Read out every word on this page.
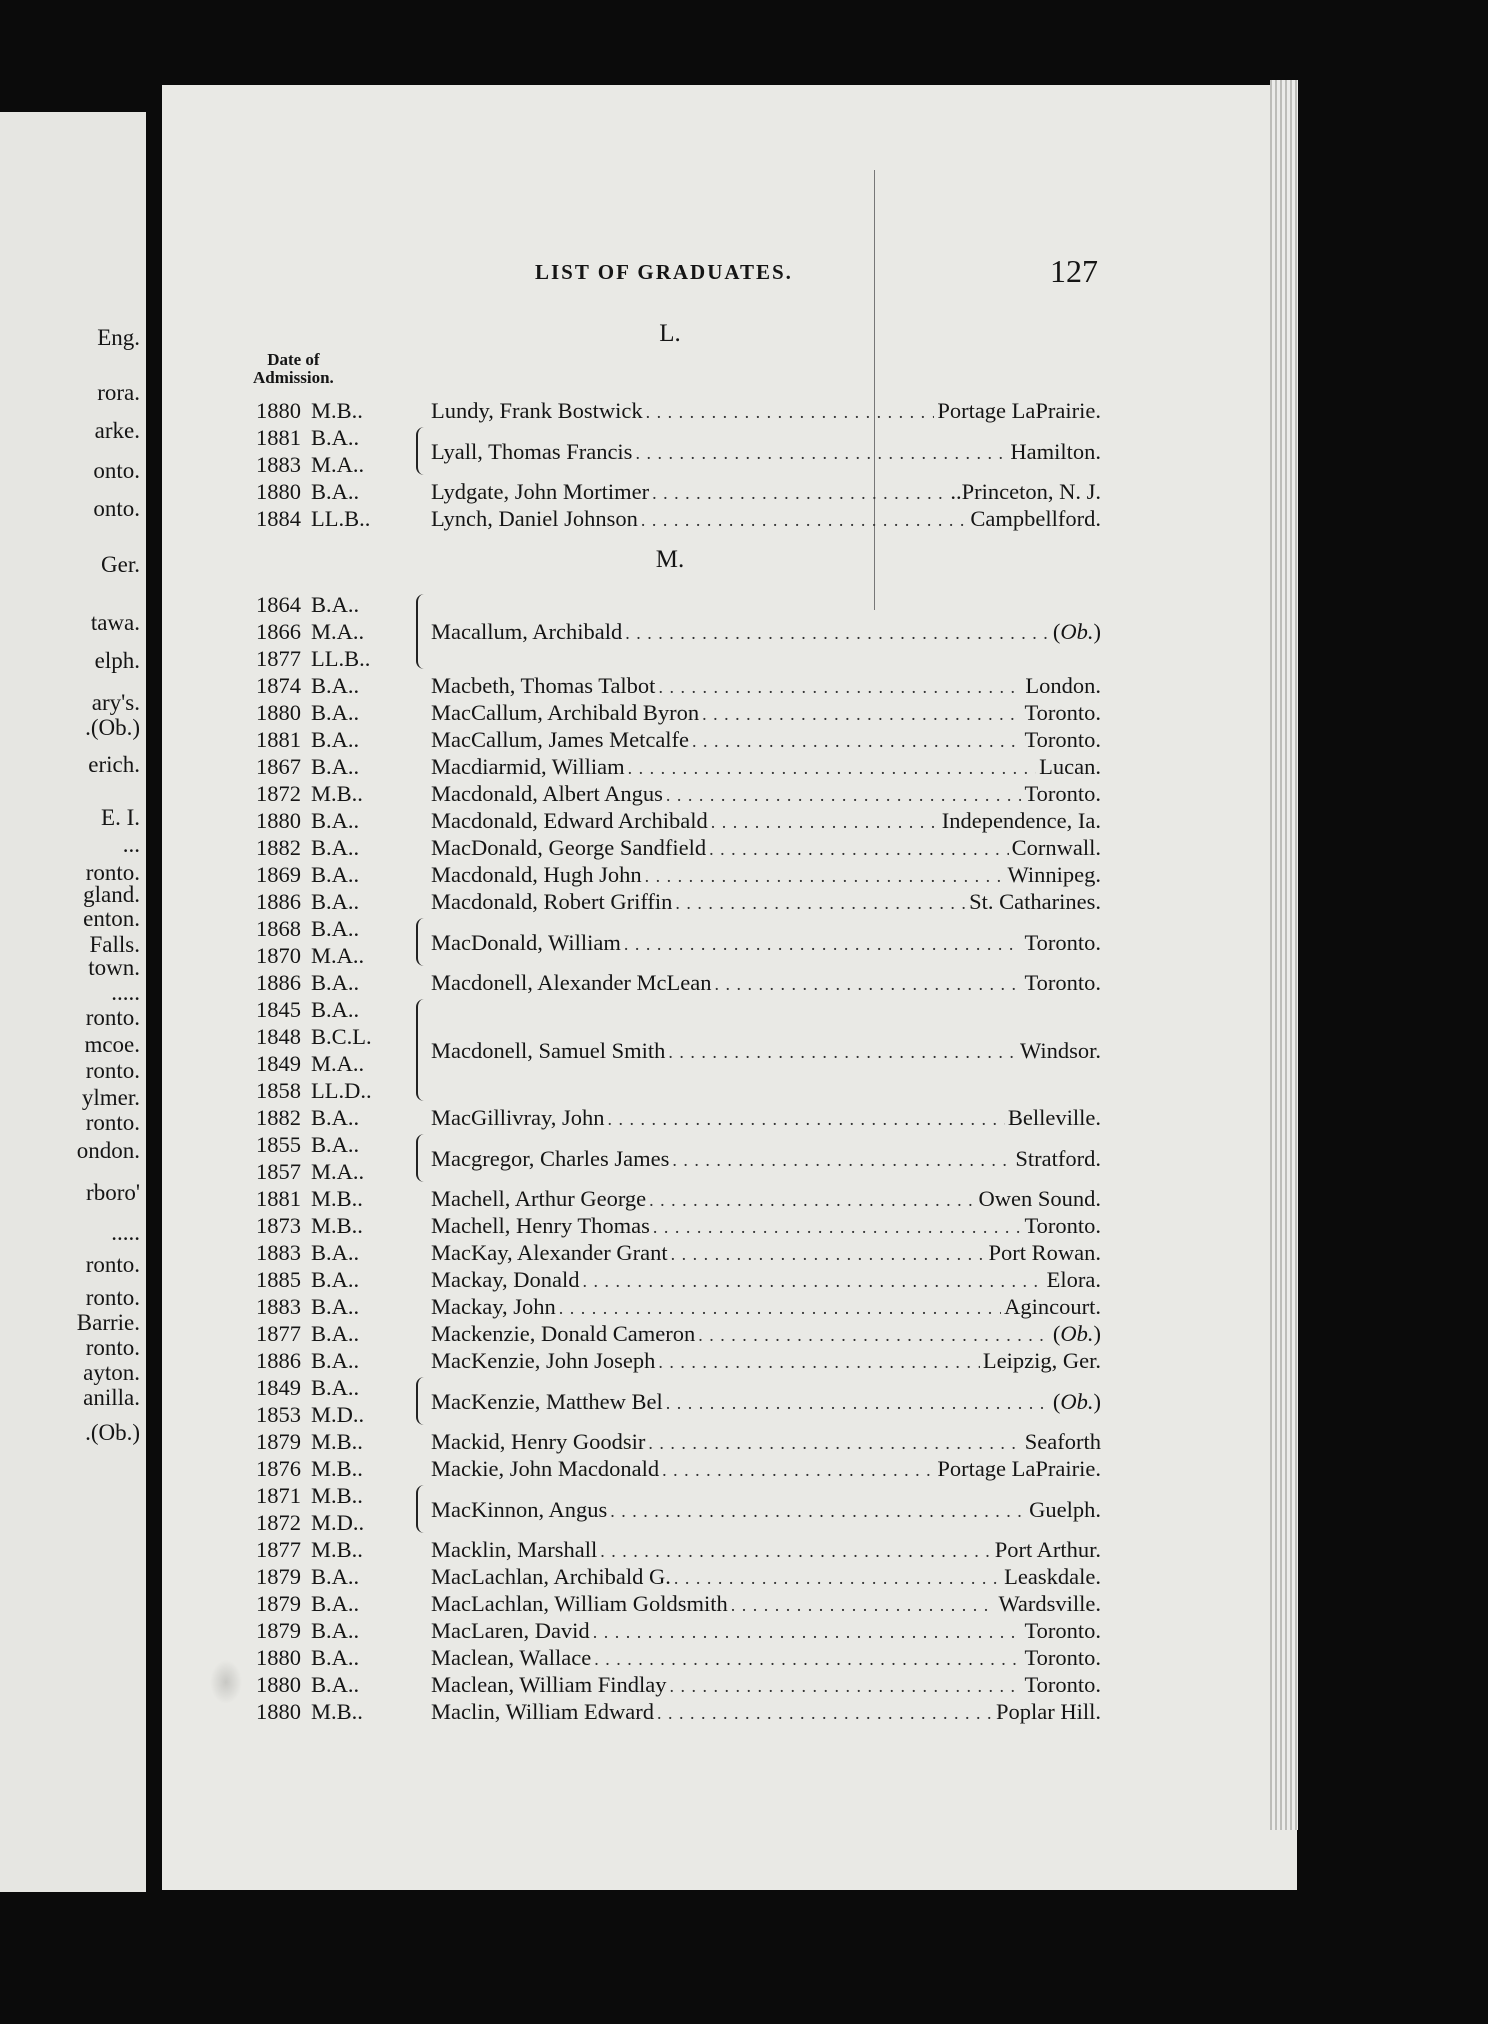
Eng.
rora.
arke.
onto.
onto.
Ger.
tawa.
elph.
ary's.
.(Ob.)
erich.
E. I.
...
ronto.
gland.
enton.
Falls.
town.
.....
ronto.
mcoe.
ronto.
ylmer.
ronto.
ondon.
rboro'
.....
ronto.
ronto.
Barrie.
ronto.
ayton.
anilla.
.(Ob.)
LIST OF GRADUATES.	127
Date of
Admission.
L.
1880 M.B..	Lundy, Frank Bostwick . . .	Portage LaPrairie.
1881 B.A..
1883 M.A..
Lyall, Thomas Francis . . .	Hamilton.
1880 B.A..	Lydgate, John Mortimer . . .	..Princeton, N. J.
1884 LL.B..	Lynch, Daniel Johnson . . .	Campbellford.
M.
1864 B.A..
1866 M.A..
1877 LL.B..
Macallum, Archibald . . .	(Ob.)
1874 B.A..	Macbeth, Thomas Talbot . . .	London.
1880 B.A..	MacCallum, Archibald Byron . . .	Toronto.
1881 B.A..	MacCallum, James Metcalfe . . .	Toronto.
1867 B.A..	Macdiarmid, William . . .	Lucan.
1872 M.B..	Macdonald, Albert Angus . . .	Toronto.
1880 B.A..	Macdonald, Edward Archibald . . .	Independence, Ia.
1882 B.A..	MacDonald, George Sandfield . . .	Cornwall.
1869 B.A..	Macdonald, Hugh John . . .	Winnipeg.
1886 B.A..	Macdonald, Robert Griffin . . .	St. Catharines.
1868 B.A..
1870 M.A..
MacDonald, William . . .	Toronto.
1886 B.A..	Macdonell, Alexander McLean . . .	Toronto.
1845 B.A..
1848 B.C.L.
1849 M.A..
1858 LL.D..
Macdonell, Samuel Smith . . .	Windsor.
1882 B.A..	MacGillivray, John . . .	Belleville.
1855 B.A..
1857 M.A..
Macgregor, Charles James . . .	Stratford.
1881 M.B..	Machell, Arthur George . . .	Owen Sound.
1873 M.B..	Machell, Henry Thomas . . .	Toronto.
1883 B.A..	MacKay, Alexander Grant . . .	Port Rowan.
1885 B.A..	Mackay, Donald . . .	Elora.
1883 B.A..	Mackay, John . . .	Agincourt.
1877 B.A..	Mackenzie, Donald Cameron . . .	(Ob.)
1886 B.A..	MacKenzie, John Joseph . . .	Leipzig, Ger.
1849 B.A..
1853 M.D..
MacKenzie, Matthew Bel . . .	(Ob.)
1879 M.B..	Mackid, Henry Goodsir . . .	Seaforth
1876 M.B..	Mackie, John Macdonald . . .	Portage LaPrairie.
1871 M.B..
1872 M.D..
MacKinnon, Angus . . .	Guelph.
1877 M.B..	Macklin, Marshall . . .	Port Arthur.
1879 B.A..	MacLachlan, Archibald G. . . .	Leaskdale.
1879 B.A..	MacLachlan, William Goldsmith . . .	Wardsville.
1879 B.A..	MacLaren, David . . .	Toronto.
1880 B.A..	Maclean, Wallace . . .	Toronto.
1880 B.A..	Maclean, William Findlay . . .	Toronto.
1880 M.B..	Maclin, William Edward . . .	Poplar Hill.
